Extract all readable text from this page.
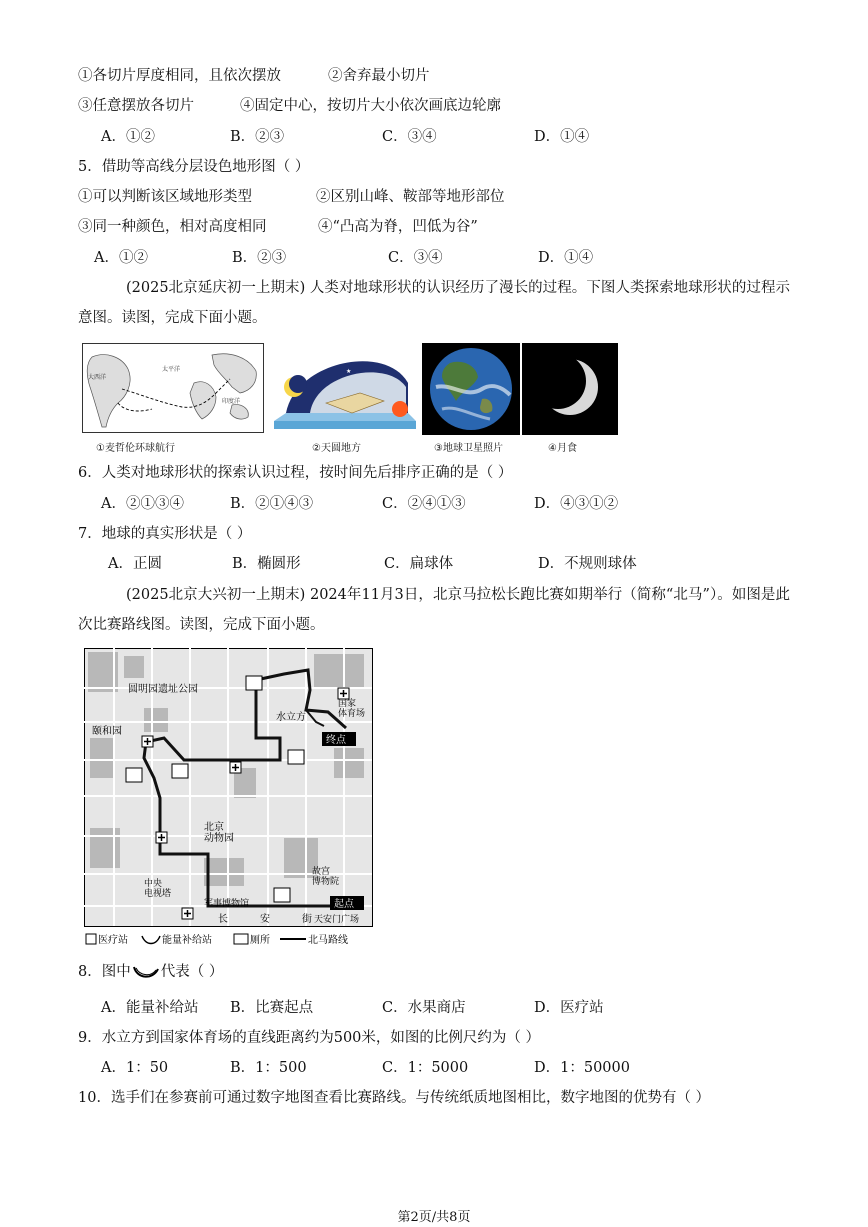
①各切片厚度相同，且依次摆放	②舍弃最小切片
③任意摆放各切片	④固定中心，按切片大小依次画底边轮廓
A．①②	B．②③	C．③④	D．①④
5．借助等高线分层设色地形图（ ）
①可以判断该区域地形类型	②区别山峰、鞍部等地形部位
③同一种颜色，相对高度相同	④“凸高为脊，凹低为谷”
A．①②	B．②③	C．③④	D．①④
(2025北京延庆初一上期末) 人类对地球形状的认识经历了漫长的过程。下图人类探索地球形状的过程示意图。读图，完成下面小题。
太平洋
大西洋
印度洋
★
★
★
★
①麦哲伦环球航行	②天圆地方	③地球卫星照片	④月食
6．人类对地球形状的探索认识过程，按时间先后排序正确的是（ ）
A．②①③④	B．②①④③	C．②④①③	D．④③①②
7．地球的真实形状是（ ）
A．正圆	B．椭圆形	C．扁球体	D．不规则球体
(2025北京大兴初一上期末) 2024年11月3日，北京马拉松长跑比赛如期举行（简称“北马”）。如图是此次比赛路线图。读图，完成下面小题。
圆明园遗址公园
颐和园
水立方
国家体育场
终点
北京动物园
中央电视塔
军事博物馆
故宫博物院
起点
天安门广场
长	安	街
医疗站	能量补给站	厕所	北马路线
8．图中 代表（ ）
A．能量补给站 B．比赛起点	C．水果商店	D．医疗站
9．水立方到国家体育场的直线距离约为500米，如图的比例尺约为（ ）
A．1：50	B．1：500	C．1：5000	D．1：50000
10．选手们在参赛前可通过数字地图查看比赛路线。与传统纸质地图相比，数字地图的优势有（ ）
第2页/共8页
